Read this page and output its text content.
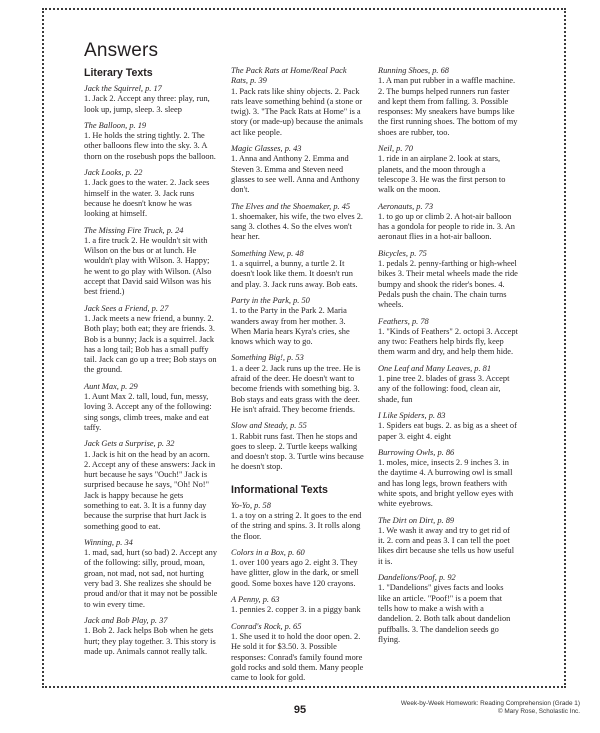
Answers
Literary Texts
Jack the Squirrel, p. 17
1. Jack 2. Accept any three: play, run, look up, jump, sleep. 3. sleep
The Balloon, p. 19
1. He holds the string tightly. 2. The other balloons flew into the sky. 3. A thorn on the rosebush pops the balloon.
Jack Looks, p. 22
1. Jack goes to the water. 2. Jack sees himself in the water. 3. Jack runs because he doesn't know he was looking at himself.
The Missing Fire Truck, p. 24
1. a fire truck 2. He wouldn't sit with Wilson on the bus or at lunch. He wouldn't play with Wilson. 3. Happy; he went to go play with Wilson. (Also accept that David said Wilson was his best friend.)
Jack Sees a Friend, p. 27
1. Jack meets a new friend, a bunny. 2. Both play; both eat; they are friends. 3. Bob is a bunny; Jack is a squirrel. Jack has a long tail; Bob has a small puffy tail. Jack can go up a tree; Bob stays on the ground.
Aunt Max, p. 29
1. Aunt Max 2. tall, loud, fun, messy, loving 3. Accept any of the following: sing songs, climb trees, make and eat taffy.
Jack Gets a Surprise, p. 32
1. Jack is hit on the head by an acorn. 2. Accept any of these answers: Jack in hurt because he says "Ouch!" Jack is surprised because he says, "Oh! No!" Jack is happy because he gets something to eat. 3. It is a funny day because the surprise that hurt Jack is something good to eat.
Winning, p. 34
1. mad, sad, hurt (so bad) 2. Accept any of the following: silly, proud, moan, groan, not mad, not sad, not hurting very bad 3. She realizes she should be proud and/or that it may not be possible to win every time.
Jack and Bob Play, p. 37
1. Bob 2. Jack helps Bob when he gets hurt; they play together. 3. This story is made up. Animals cannot really talk.
The Pack Rats at Home/Real Pack Rats, p. 39
1. Pack rats like shiny objects. 2. Pack rats leave something behind (a stone or twig). 3. "The Pack Rats at Home" is a story (or made-up) because the animals act like people.
Magic Glasses, p. 43
1. Anna and Anthony 2. Emma and Steven 3. Emma and Steven need glasses to see well. Anna and Anthony don't.
The Elves and the Shoemaker, p. 45
1. shoemaker, his wife, the two elves 2. sang 3. clothes 4. So the elves won't hear her.
Something New, p. 48
1. a squirrel, a bunny, a turtle 2. It doesn't look like them. It doesn't run and play. 3. Jack runs away. Bob eats.
Party in the Park, p. 50
1. to the Party in the Park 2. Maria wanders away from her mother. 3. When Maria hears Kyra's cries, she knows which way to go.
Something Big!, p. 53
1. a deer 2. Jack runs up the tree. He is afraid of the deer. He doesn't want to become friends with something big. 3. Bob stays and eats grass with the deer. He isn't afraid. They become friends.
Slow and Steady, p. 55
1. Rabbit runs fast. Then he stops and goes to sleep. 2. Turtle keeps walking and doesn't stop. 3. Turtle wins because he doesn't stop.
Informational Texts
Yo-Yo, p. 58
1. a toy on a string 2. It goes to the end of the string and spins. 3. It rolls along the floor.
Colors in a Box, p. 60
1. over 100 years ago 2. eight 3. They have glitter, glow in the dark, or smell good. Some boxes have 120 crayons.
A Penny, p. 63
1. pennies 2. copper 3. in a piggy bank
Conrad's Rock, p. 65
1. She used it to hold the door open. 2. He sold it for $3.50. 3. Possible responses: Conrad's family found more gold rocks and sold them. Many people came to look for gold.
Running Shoes, p. 68
1. A man put rubber in a waffle machine. 2. The bumps helped runners run faster and kept them from falling. 3. Possible responses: My sneakers have bumps like the first running shoes. The bottom of my shoes are rubber, too.
Neil, p. 70
1. ride in an airplane 2. look at stars, planets, and the moon through a telescope 3. He was the first person to walk on the moon.
Aeronauts, p. 73
1. to go up or climb 2. A hot-air balloon has a gondola for people to ride in. 3. An aeronaut flies in a hot-air balloon.
Bicycles, p. 75
1. pedals 2. penny-farthing or high-wheel bikes 3. Their metal wheels made the ride bumpy and shook the rider's bones. 4. Pedals push the chain. The chain turns wheels.
Feathers, p. 78
1. "Kinds of Feathers" 2. octopi 3. Accept any two: Feathers help birds fly, keep them warm and dry, and help them hide.
One Leaf and Many Leaves, p. 81
1. pine tree 2. blades of grass 3. Accept any of the following: food, clean air, shade, fun
I Like Spiders, p. 83
1. Spiders eat bugs. 2. as big as a sheet of paper 3. eight 4. eight
Burrowing Owls, p. 86
1. moles, mice, insects 2. 9 inches 3. in the daytime 4. A burrowing owl is small and has long legs, brown feathers with white spots, and bright yellow eyes with white eyebrows.
The Dirt on Dirt, p. 89
1. We wash it away and try to get rid of it. 2. corn and peas 3. I can tell the poet likes dirt because she tells us how useful it is.
Dandelions/Poof, p. 92
1. "Dandelions" gives facts and looks like an article. "Poof!" is a poem that tells how to make a wish with a dandelion. 2. Both talk about dandelion puffballs. 3. The dandelion seeds go flying.
95
Week-by-Week Homework: Reading Comprehension (Grade 1)
© Mary Rose, Scholastic Inc.
